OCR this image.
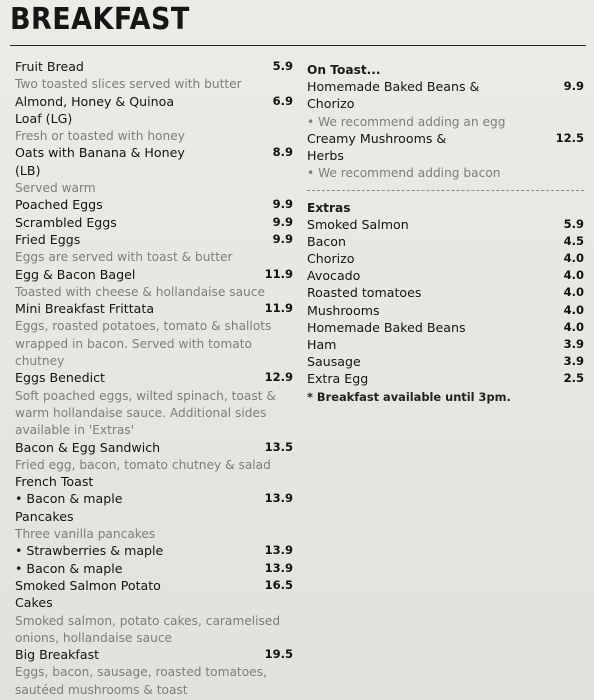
BREAKFAST
Fruit Bread	5.9
Two toasted slices served with butter
Almond, Honey & Quinoa	6.9
Loaf (LG)
Fresh or toasted with honey
Oats with Banana & Honey	8.9
(LB)
Served warm
Poached Eggs	9.9
Scrambled Eggs	9.9
Fried Eggs	9.9
Eggs are served with toast & butter
Egg & Bacon Bagel	11.9
Toasted with cheese & hollandaise sauce
Mini Breakfast Frittata	11.9
Eggs, roasted potatoes, tomato & shallots
wrapped in bacon. Served with tomato
chutney
Eggs Benedict	12.9
Soft poached eggs, wilted spinach, toast &
warm hollandaise sauce. Additional sides
available in 'Extras'
Bacon & Egg Sandwich	13.5
Fried egg, bacon, tomato chutney & salad
French Toast
• Bacon & maple	13.9
Pancakes
Three vanilla pancakes
• Strawberries & maple	13.9
• Bacon & maple	13.9
Smoked Salmon Potato	16.5
Cakes
Smoked salmon, potato cakes, caramelised
onions, hollandaise sauce
Big Breakfast	19.5
Eggs, bacon, sausage, roasted tomatoes,
sautéed mushrooms & toast
On Toast...
Homemade Baked Beans &	9.9
Chorizo
• We recommend adding an egg
Creamy Mushrooms &	12.5
Herbs
• We recommend adding bacon
Extras
Smoked Salmon	5.9
Bacon	4.5
Chorizo	4.0
Avocado	4.0
Roasted tomatoes	4.0
Mushrooms	4.0
Homemade Baked Beans	4.0
Ham	3.9
Sausage	3.9
Extra Egg	2.5
* Breakfast available until 3pm.
